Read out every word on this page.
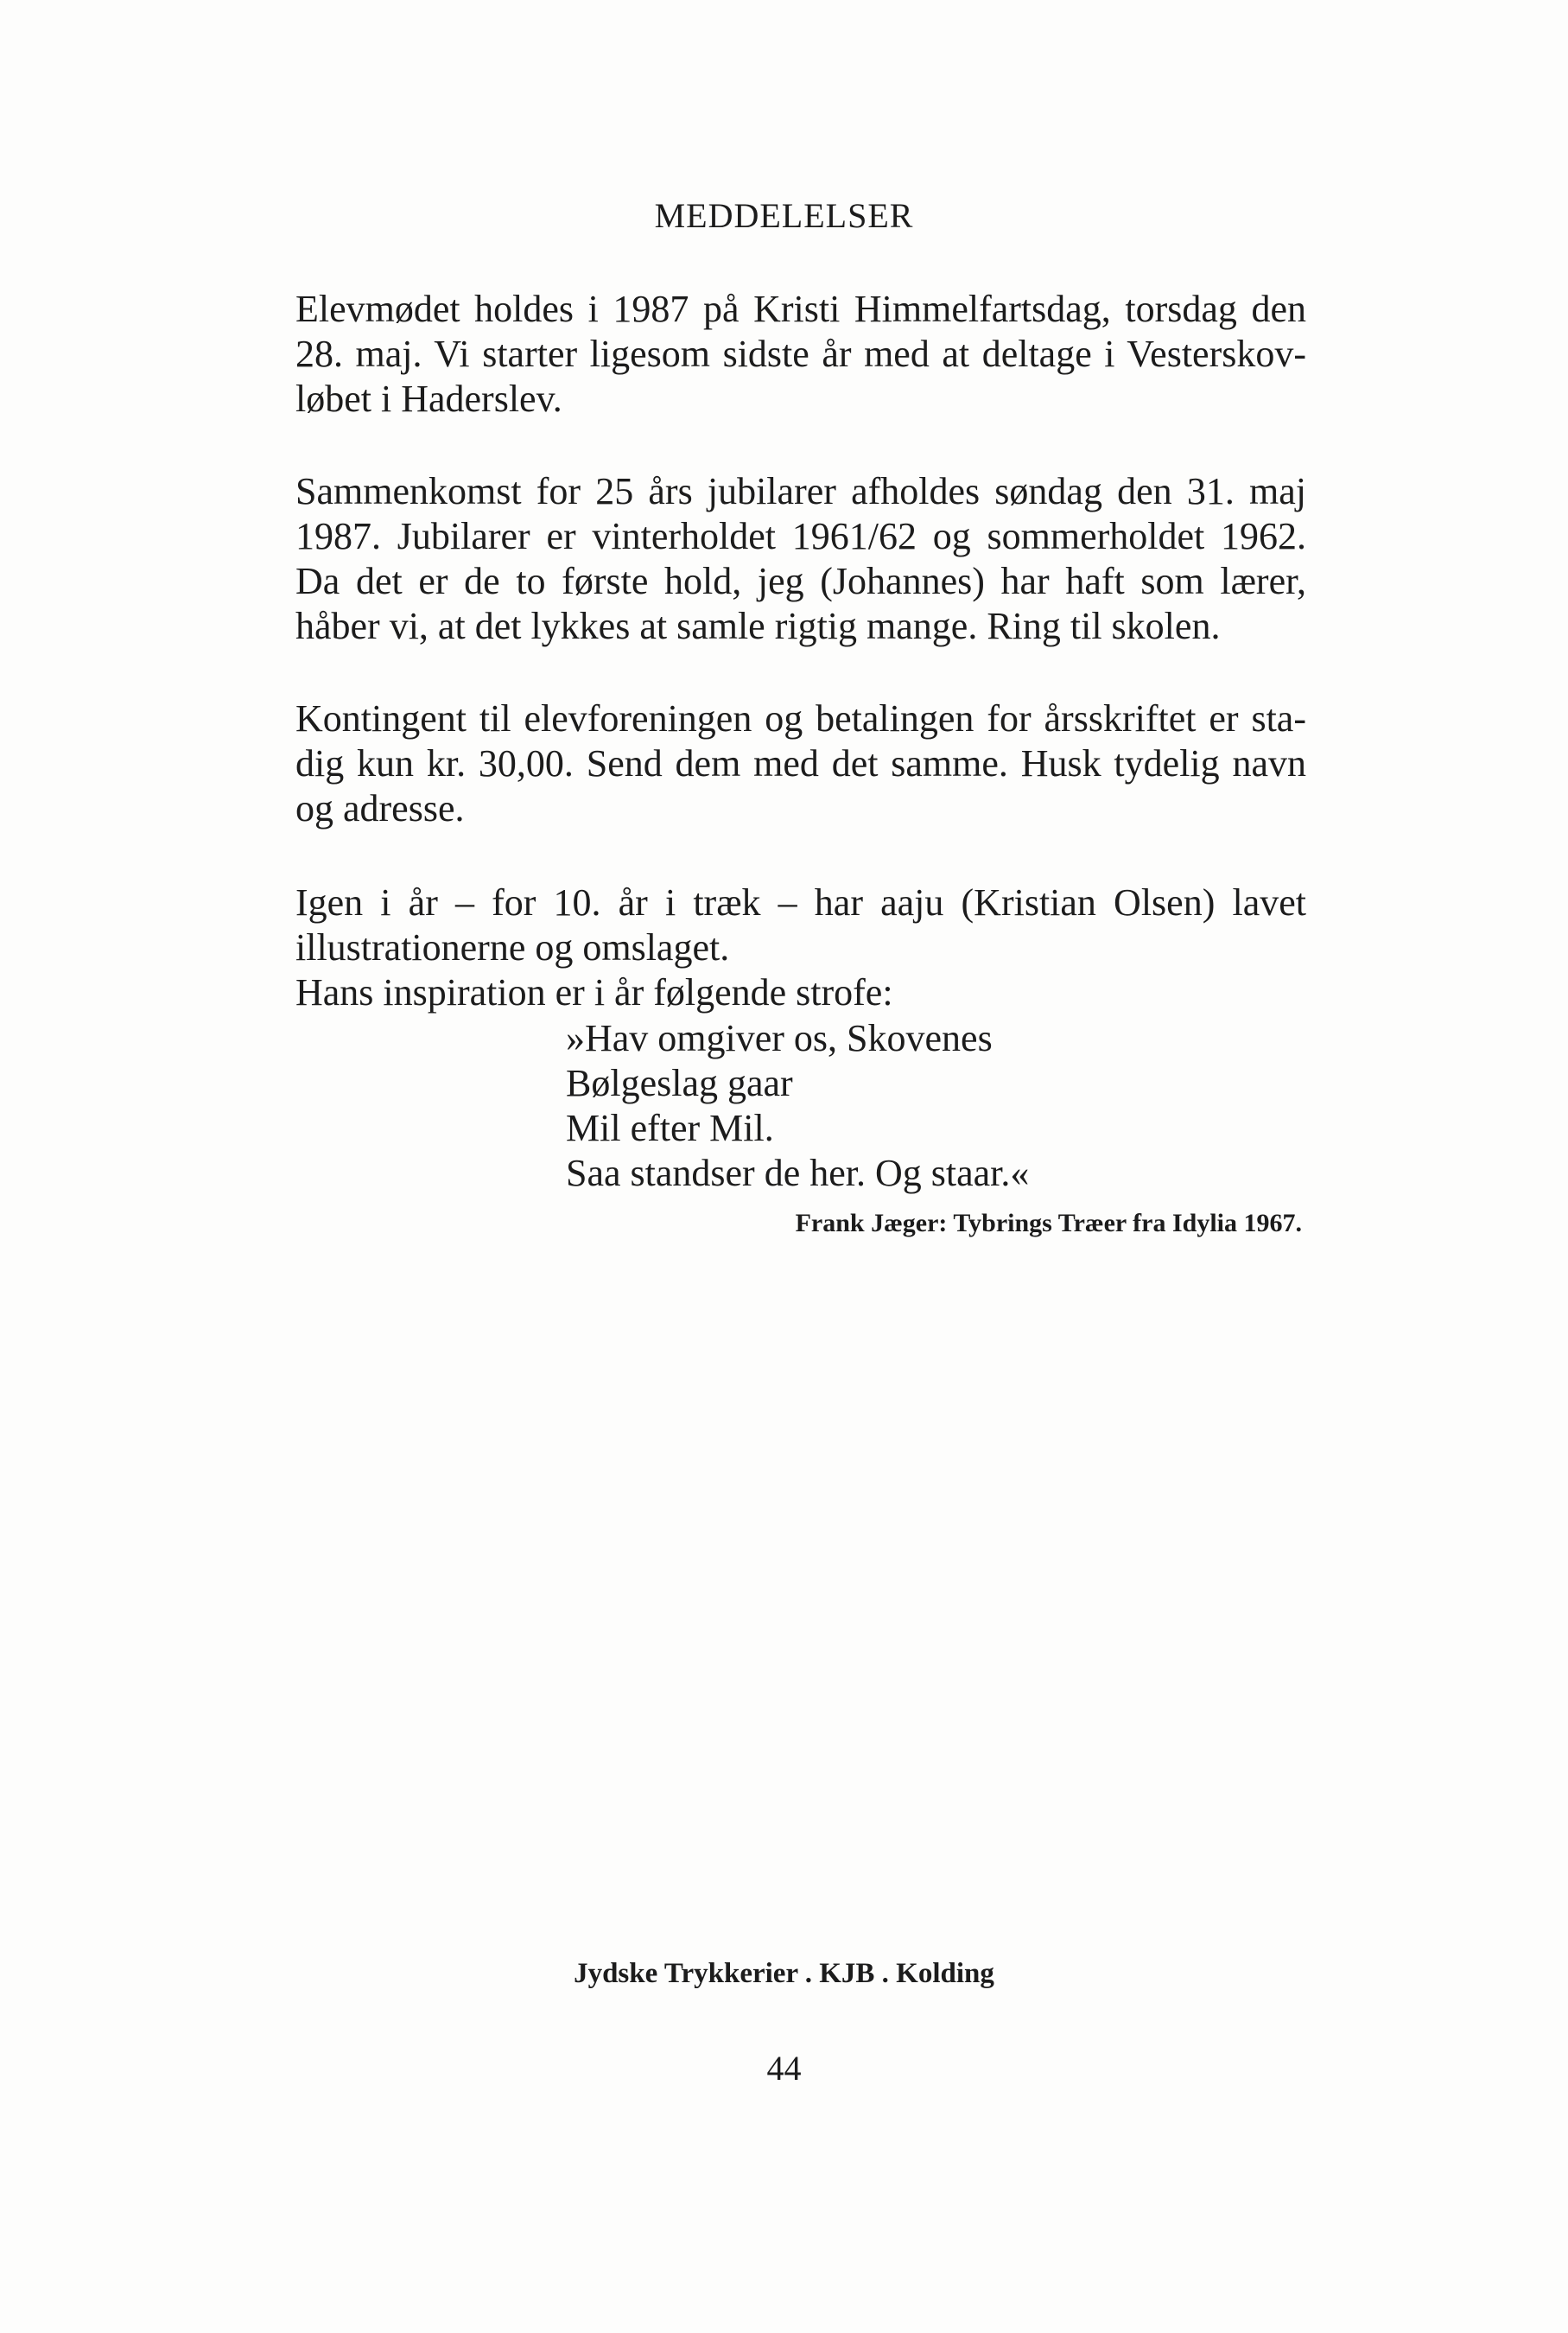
MEDDELELSER
Elevmødet holdes i 1987 på Kristi Himmelfartsdag, torsdag den
28. maj. Vi starter ligesom sidste år med at deltage i Vesterskov-
løbet i Haderslev.
Sammenkomst for 25 års jubilarer afholdes søndag den 31. maj
1987. Jubilarer er vinterholdet 1961/62 og sommerholdet 1962.
Da det er de to første hold, jeg (Johannes) har haft som lærer,
håber vi, at det lykkes at samle rigtig mange. Ring til skolen.
Kontingent til elevforeningen og betalingen for årsskriftet er sta-
dig kun kr. 30,00. Send dem med det samme. Husk tydelig navn
og adresse.
Igen i år – for 10. år i træk – har aaju (Kristian Olsen) lavet
illustrationerne og omslaget.
Hans inspiration er i år følgende strofe:
»Hav omgiver os, Skovenes
Bølgeslag gaar
Mil efter Mil.
Saa standser de her. Og staar.«
Frank Jæger: Tybrings Træer fra Idylia 1967.
Jydske Trykkerier . KJB . Kolding
44
